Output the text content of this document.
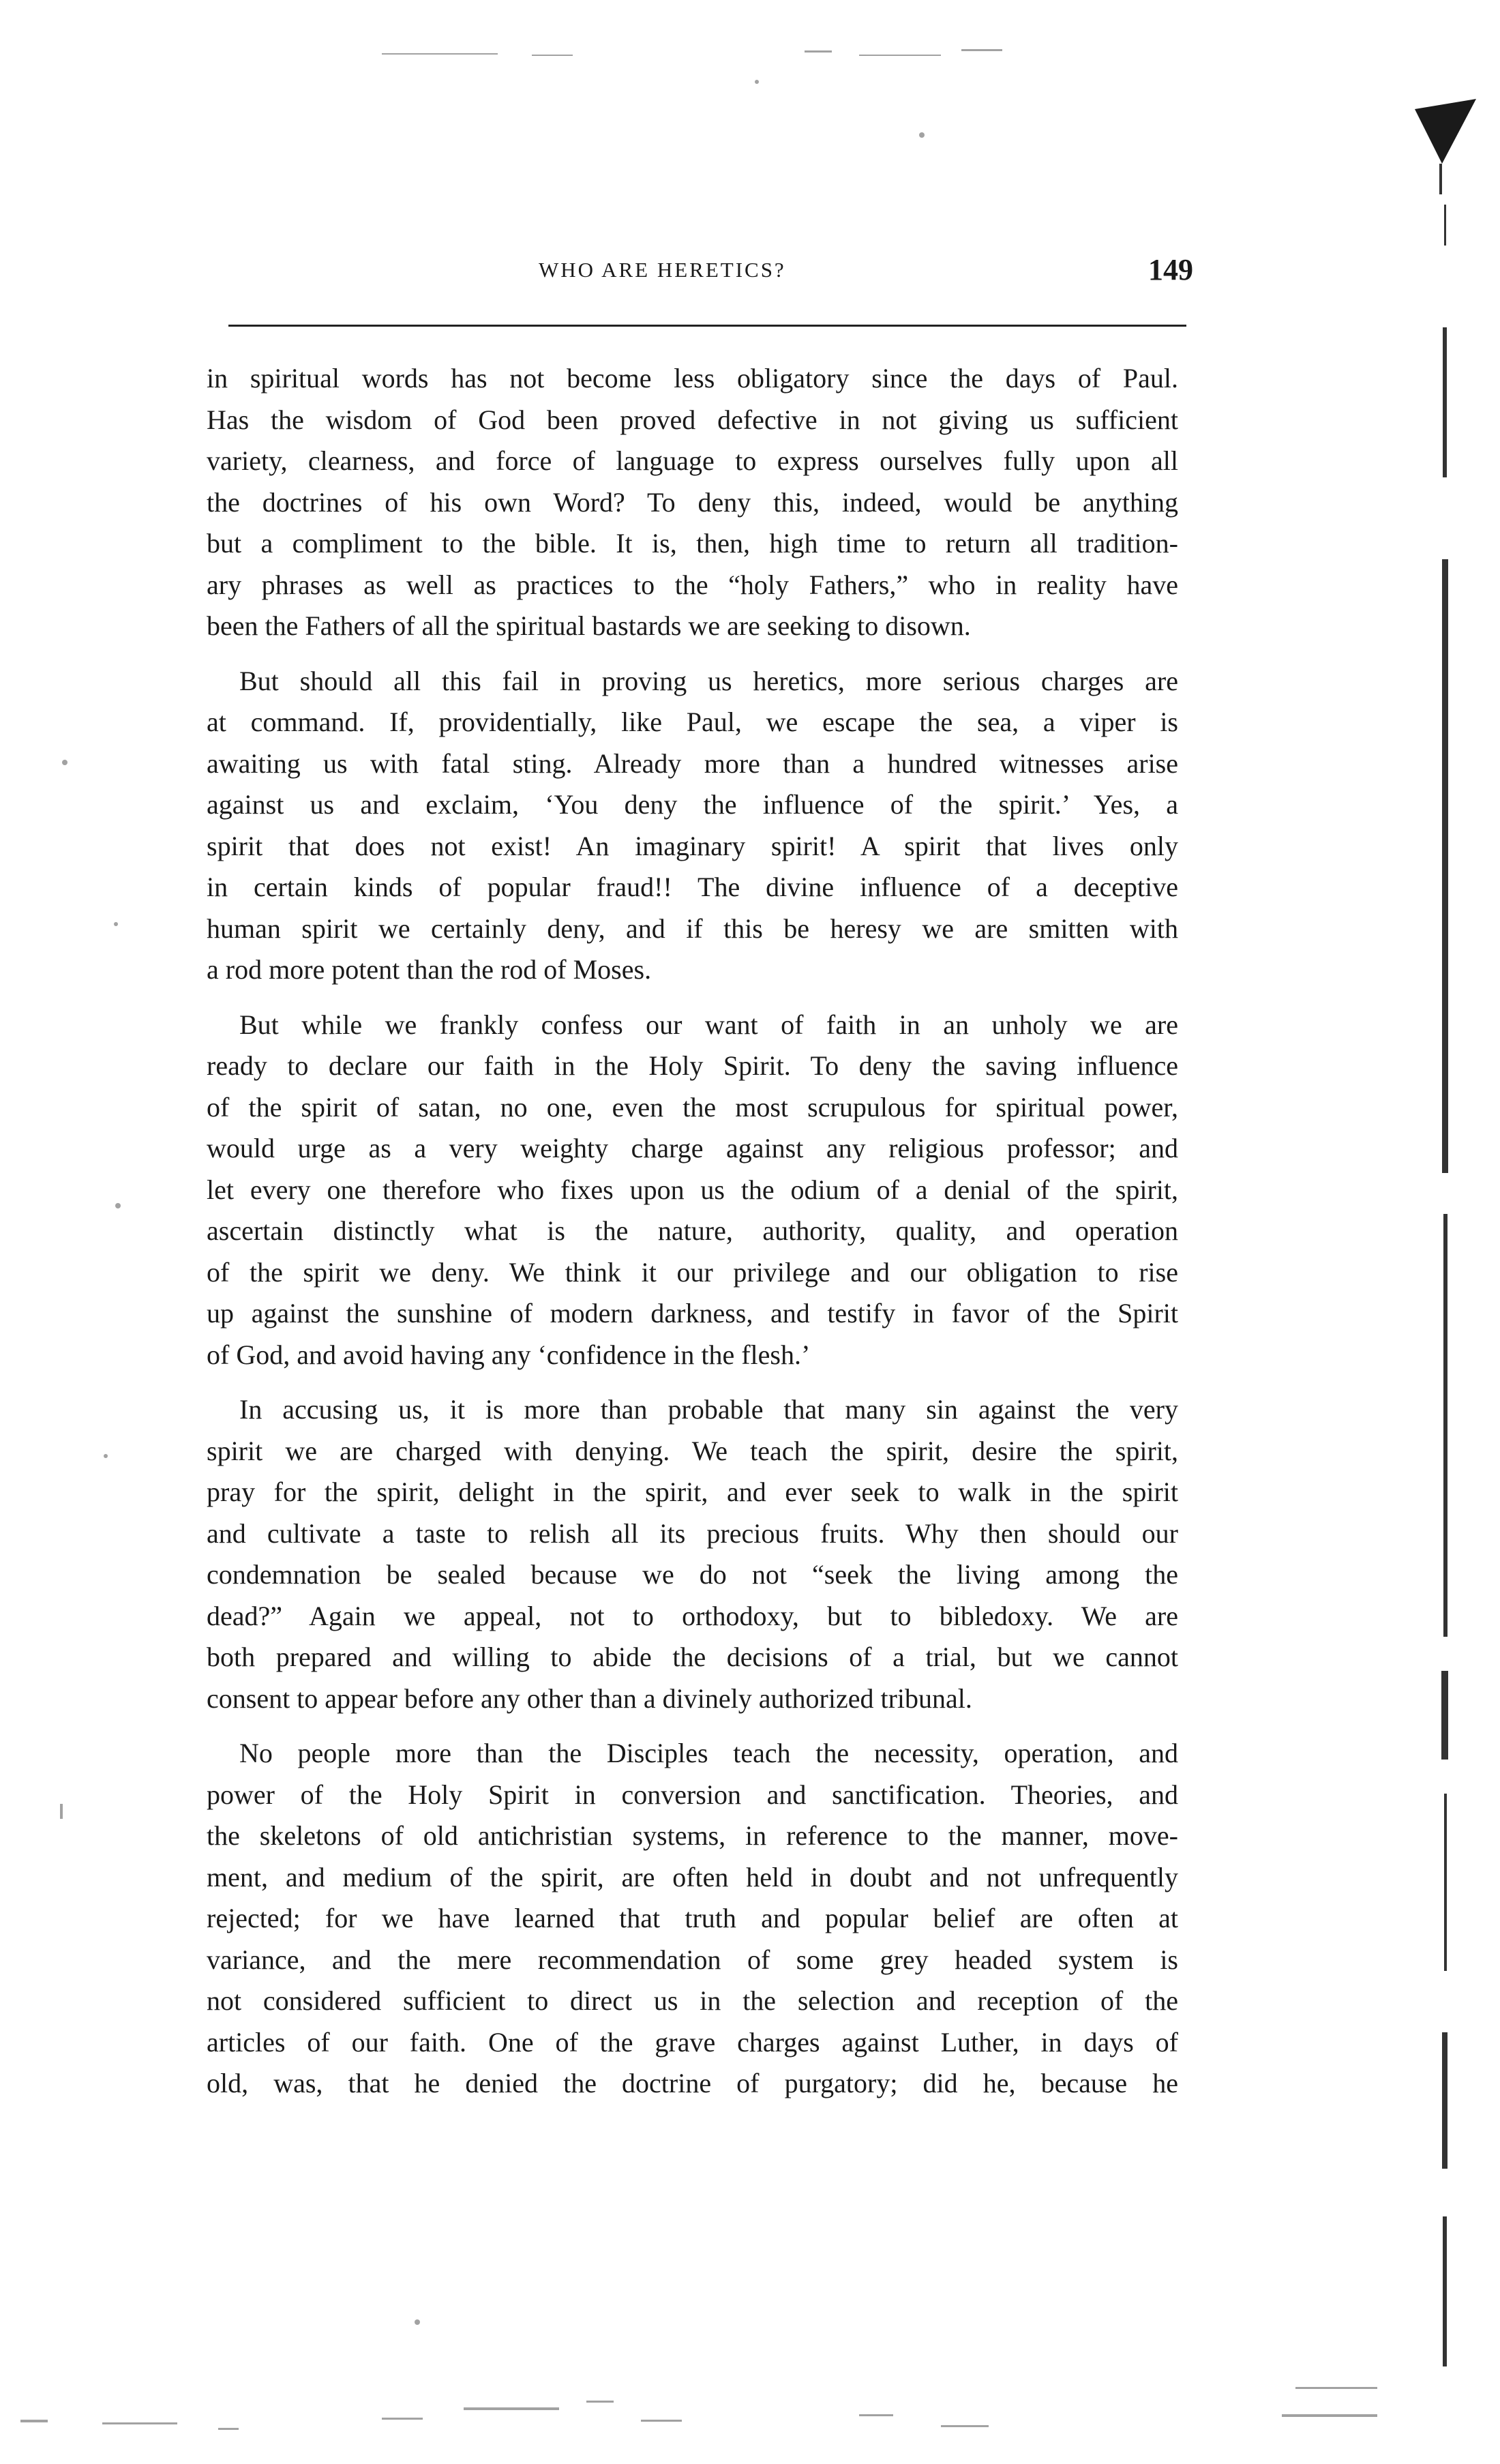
WHO ARE HERETICS?	149

in spiritual words has not become less obligatory since the days of Paul.
Has the wisdom of God been proved defective in not giving us sufficient
variety, clearness, and force of language to express ourselves fully upon all
the doctrines of his own Word? To deny this, indeed, would be anything
but a compliment to the bible. It is, then, high time to return all tradition-
ary phrases as well as practices to the “holy Fathers,” who in reality have
been the Fathers of all the spiritual bastards we are seeking to disown.

But should all this fail in proving us heretics, more serious charges are
at command. If, providentially, like Paul, we escape the sea, a viper is
awaiting us with fatal sting. Already more than a hundred witnesses arise
against us and exclaim, ‘You deny the influence of the spirit.’ Yes, a
spirit that does not exist! An imaginary spirit! A spirit that lives only
in certain kinds of popular fraud!! The divine influence of a deceptive
human spirit we certainly deny, and if this be heresy we are smitten with
a rod more potent than the rod of Moses.

But while we frankly confess our want of faith in an unholy we are
ready to declare our faith in the Holy Spirit. To deny the saving influence
of the spirit of satan, no one, even the most scrupulous for spiritual power,
would urge as a very weighty charge against any religious professor; and
let every one therefore who fixes upon us the odium of a denial of the spirit,
ascertain distinctly what is the nature, authority, quality, and operation
of the spirit we deny. We think it our privilege and our obligation to rise
up against the sunshine of modern darkness, and testify in favor of the Spirit
of God, and avoid having any ‘confidence in the flesh.’

In accusing us, it is more than probable that many sin against the very
spirit we are charged with denying. We teach the spirit, desire the spirit,
pray for the spirit, delight in the spirit, and ever seek to walk in the spirit
and cultivate a taste to relish all its precious fruits. Why then should our
condemnation be sealed because we do not “seek the living among the
dead?” Again we appeal, not to orthodoxy, but to bibledoxy. We are
both prepared and willing to abide the decisions of a trial, but we cannot
consent to appear before any other than a divinely authorized tribunal.

No people more than the Disciples teach the necessity, operation, and
power of the Holy Spirit in conversion and sanctification. Theories, and
the skeletons of old antichristian systems, in reference to the manner, move-
ment, and medium of the spirit, are often held in doubt and not unfrequently
rejected; for we have learned that truth and popular belief are often at
variance, and the mere recommendation of some grey headed system is
not considered sufficient to direct us in the selection and reception of the
articles of our faith. One of the grave charges against Luther, in days of
old, was, that he denied the doctrine of purgatory; did he, because he
